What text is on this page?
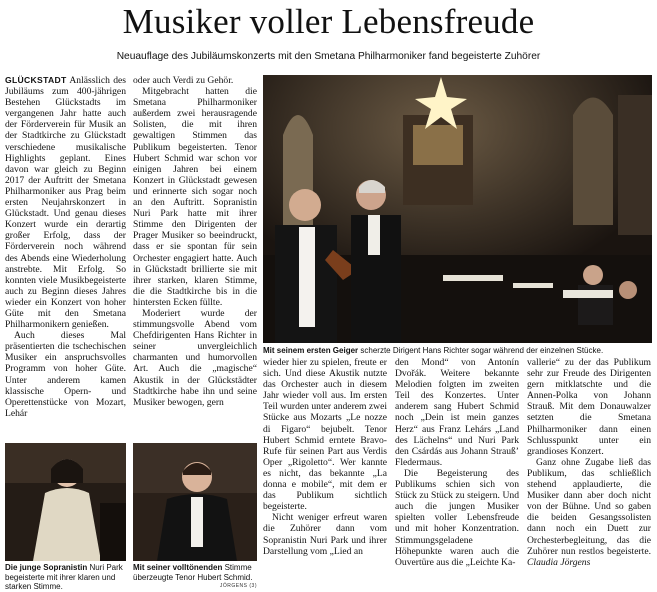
Musiker voller Lebensfreude
Neuauflage des Jubiläumskonzerts mit den Smetana Philharmoniker fand begeisterte Zuhörer

GLÜCKSTADT Anlässlich des Jubiläums zum 400-jährigen Bestehen Glückstadts im vergangenen Jahr hatte auch der Förderverein für Musik an der Stadtkirche zu Glückstadt verschiedene musikalische Highlights geplant. Eines davon war gleich zu Beginn 2017 der Auftritt der Smetana Philharmoniker aus Prag beim ersten Neujahrskonzert in Glückstadt. Und genau dieses Konzert wurde ein derartig großer Erfolg, dass der Förderverein noch während des Abends eine Wiederholung anstrebte. Mit Erfolg. So konnten viele Musikbegeisterte auch zu Beginn dieses Jahres wieder ein Konzert von hoher Güte mit den Smetana Philharmonikern genießen.

Auch dieses Mal präsentierten die tschechischen Musiker ein anspruchsvolles Programm von hoher Güte. Unter anderem kamen klassische Opern- und Operettenstücke von Mozart, Lehár

oder auch Verdi zu Gehör.

Mitgebracht hatten die Smetana Philharmoniker außerdem zwei herausragende Solisten, die mit ihren gewaltigen Stimmen das Publikum begeisterten. Tenor Hubert Schmid war schon vor einigen Jahren bei einem Konzert in Glückstadt gewesen und erinnerte sich sogar noch an den Auftritt. Sopranistin Nuri Park hatte mit ihrer Stimme den Dirigenten der Prager Musiker so beeindruckt, dass er sie spontan für sein Orchester engagiert hatte. Auch in Glückstadt brillierte sie mit ihrer starken, klaren Stimme, die die Stadtkirche bis in die hintersten Ecken füllte.

Moderiert wurde der stimmungsvolle Abend vom Chefdirigenten Hans Richter in seiner unvergleichlich charmanten und humorvollen Art. Auch die „magische“ Akustik in der Glückstädter Stadtkirche habe ihn und seine Musiker bewogen, gern

Mit seinem ersten Geiger scherzte Dirigent Hans Richter sogar während der einzelnen Stücke.

wieder hier zu spielen, freute er sich. Und diese Akustik nutzte das Orchester auch in diesem Jahr wieder voll aus. Im ersten Teil wurden unter anderem zwei Stücke aus Mozarts „Le nozze di Figaro“ bejubelt. Tenor Hubert Schmid erntete Bravo-Rufe für seinen Part aus Verdis Oper „Rigoletto“. Wer kannte es nicht, das bekannte „La donna e mobile“, mit dem er das Publikum sichtlich begeisterte.

Nicht weniger erfreut waren die Zuhörer dann vom Sopranistin Nuri Park und ihrer Darstellung vom „Lied an

den Mond“ von Antonín Dvořák. Weitere bekannte Melodien folgten im zweiten Teil des Konzertes. Unter anderem sang Hubert Schmid noch „Dein ist mein ganzes Herz“ aus Franz Lehárs „Land des Lächelns“ und Nuri Park den Csárdás aus Johann Strauß’ Fledermaus.

Die Begeisterung des Publikums schien sich von Stück zu Stück zu steigern. Und auch die jungen Musiker spielten voller Lebensfreude und mit hoher Konzentration. Stimmungsgeladene Höhepunkte waren auch die Ouvertüre aus die „Leichte Ka-

vallerie“ zu der das Publikum sehr zur Freude des Dirigenten gern mitklatschte und die Annen-Polka von Johann Strauß. Mit dem Donauwalzer setzten die Smetana Philharmoniker dann einen Schlusspunkt unter ein grandioses Konzert.

Ganz ohne Zugabe ließ das Publikum, das schließlich stehend applaudierte, die Musiker dann aber doch nicht von der Bühne. Und so gaben die beiden Gesangssolisten dann noch ein Duett zur Orchesterbegleitung, das die Zuhörer nun restlos begeisterte. Claudia Jörgens

Die junge Sopranistin Nuri Park begeisterte mit ihrer klaren und starken Stimme.
Mit seiner volltönenden Stimme überzeugte Tenor Hubert Schmid.
JÖRGENS (3)
